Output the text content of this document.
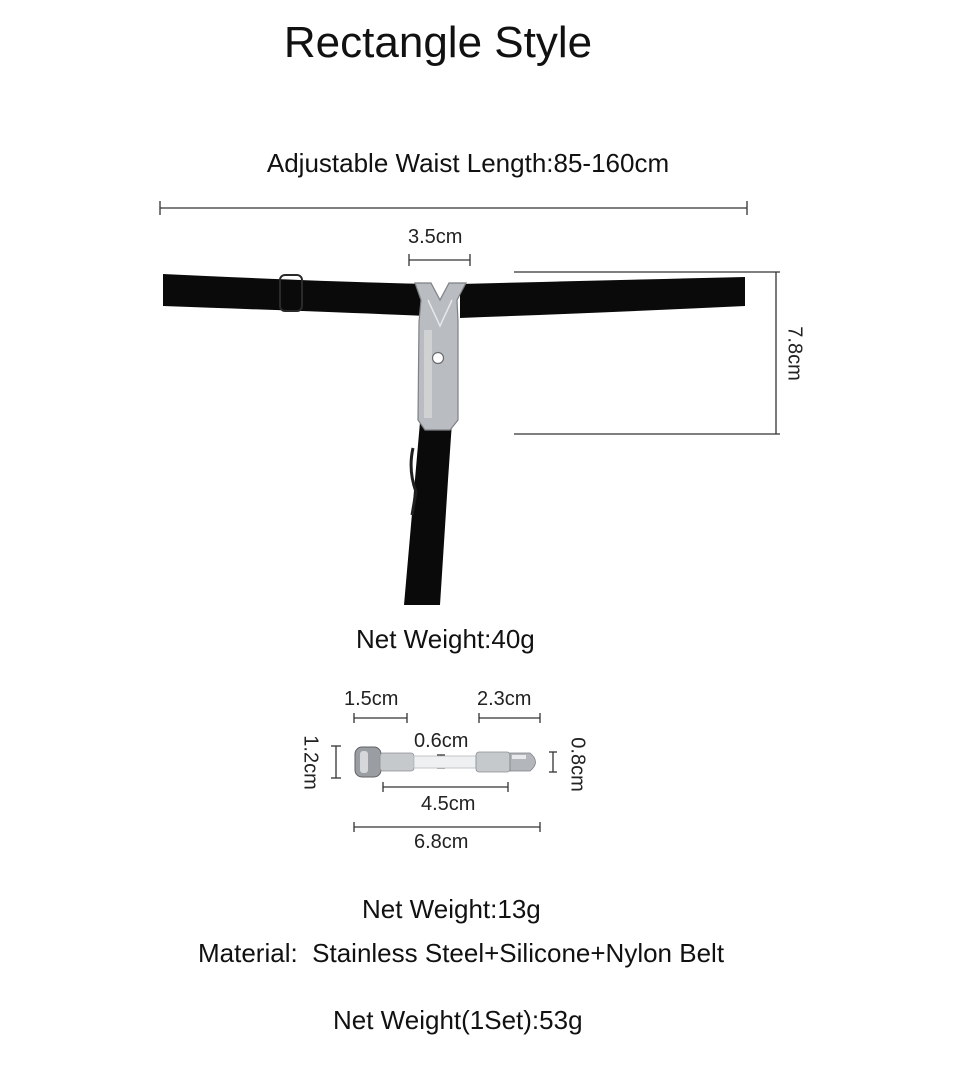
Rectangle Style
Adjustable Waist Length:85-160cm
3.5cm
7.8cm
Net Weight:40g
1.5cm	2.3cm
0.6cm
1.2cm	0.8cm
4.5cm
6.8cm
Net Weight:13g
Material:  Stainless Steel+Silicone+Nylon Belt
Net Weight(1Set):53g
